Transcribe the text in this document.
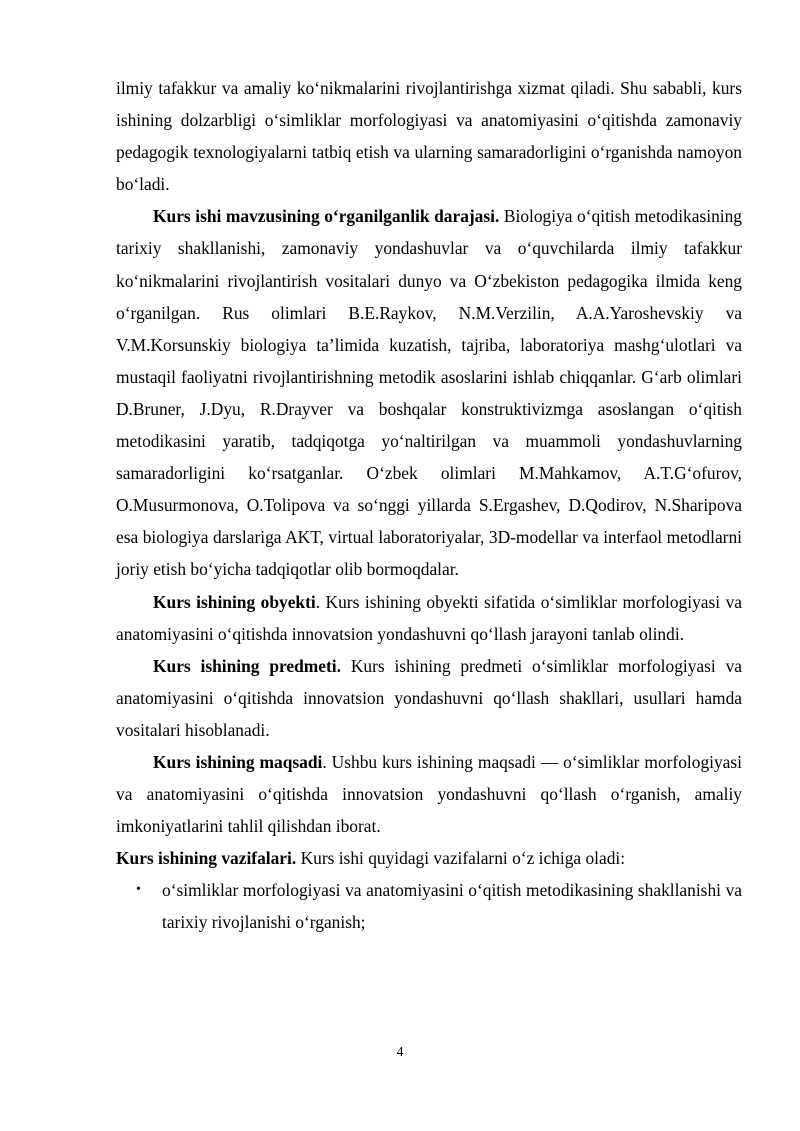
ilmiy tafakkur va amaliy ko‘nikmalarini rivojlantirishga xizmat qiladi. Shu sababli, kurs ishining dolzarbligi o‘simliklar morfologiyasi va anatomiyasini o‘qitishda zamonaviy pedagogik texnologiyalarni tatbiq etish va ularning samaradorligini o‘rganishda namoyon bo‘ladi.

Kurs ishi mavzusining o‘rganilganlik darajasi. Biologiya o‘qitish metodikasining tarixiy shakllanishi, zamonaviy yondashuvlar va o‘quvchilarda ilmiy tafakkur ko‘nikmalarini rivojlantirish vositalari dunyo va O‘zbekiston pedagogika ilmida keng o‘rganilgan. Rus olimlari B.E.Raykov, N.M.Verzilin, A.A.Yaroshevskiy va V.M.Korsunskiy biologiya ta’limida kuzatish, tajriba, laboratoriya mashg‘ulotlari va mustaqil faoliyatni rivojlantirishning metodik asoslarini ishlab chiqqanlar. G‘arb olimlari D.Bruner, J.Dyu, R.Drayver va boshqalar konstruktivizmga asoslangan o‘qitish metodikasini yaratib, tadqiqotga yo‘naltirilgan va muammoli yondashuvlarning samaradorligini ko‘rsatganlar. O‘zbek olimlari M.Mahkamov, A.T.G‘ofurov, O.Musurmonova, O.Tolipova va so‘nggi yillarda S.Ergashev, D.Qodirov, N.Sharipova esa biologiya darslariga AKT, virtual laboratoriyalar, 3D-modellar va interfaol metodlarni joriy etish bo‘yicha tadqiqotlar olib bormoqdalar.

Kurs ishining obyekti. Kurs ishining obyekti sifatida o‘simliklar morfologiyasi va anatomiyasini o‘qitishda innovatsion yondashuvni qo‘llash jarayoni tanlab olindi.

Kurs ishining predmeti. Kurs ishining predmeti o‘simliklar morfologiyasi va anatomiyasini o‘qitishda innovatsion yondashuvni qo‘llash shakllari, usullari hamda vositalari hisoblanadi.

Kurs ishining maqsadi. Ushbu kurs ishining maqsadi — o‘simliklar morfologiyasi va anatomiyasini o‘qitishda innovatsion yondashuvni qo‘llash o‘rganish, amaliy imkoniyatlarini tahlil qilishdan iborat.

Kurs ishining vazifalari. Kurs ishi quyidagi vazifalarni o‘z ichiga oladi:

• o‘simliklar morfologiyasi va anatomiyasini o‘qitish metodikasining shakllanishi va tarixiy rivojlanishi o‘rganish;
4
